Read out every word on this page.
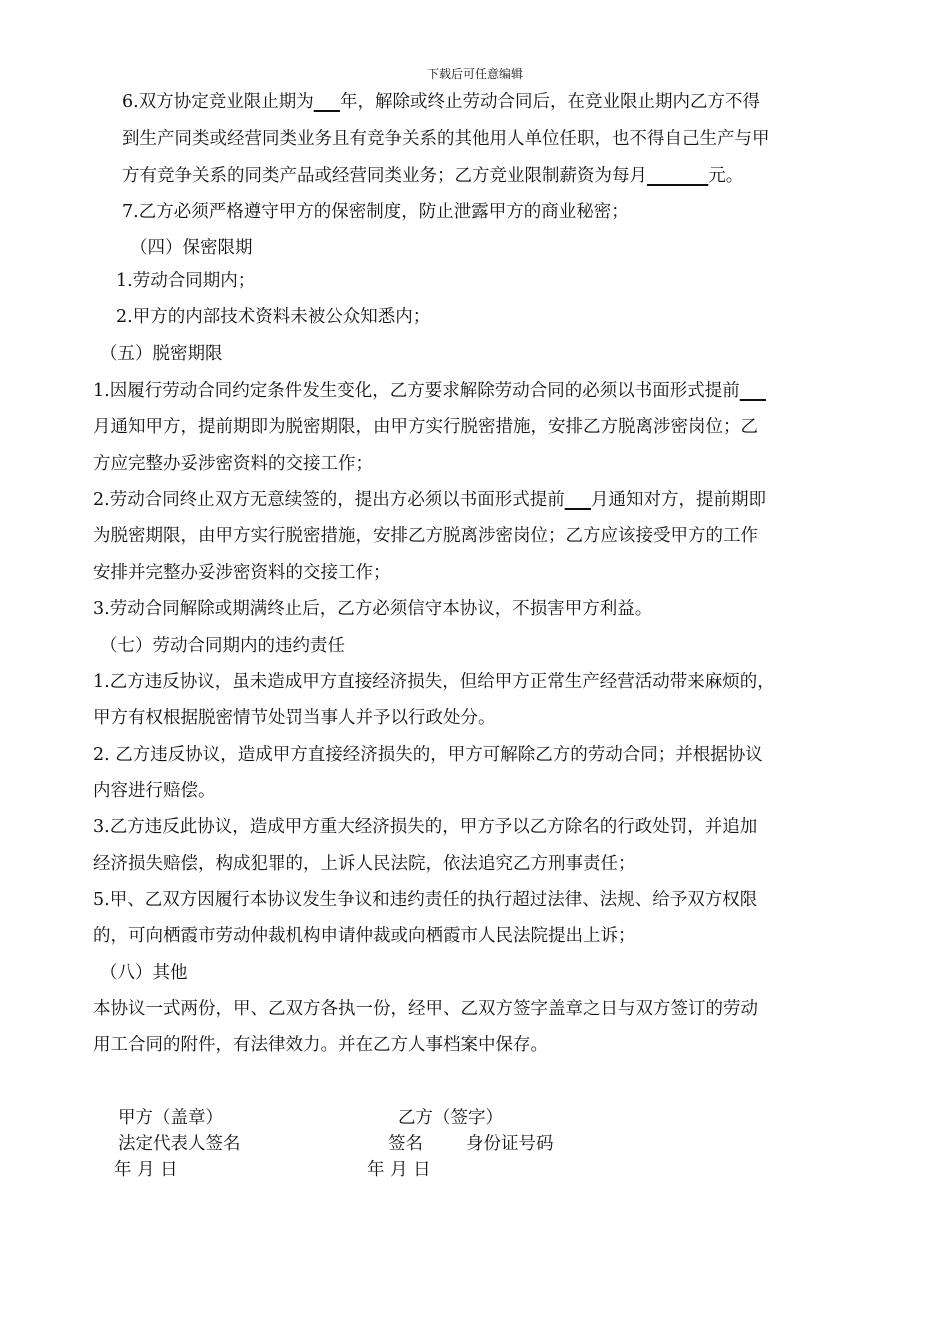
下载后可任意编辑
6.双方协定竞业限止期为___年，解除或终止劳动合同后，在竞业限止期内乙方不得
到生产同类或经营同类业务且有竞争关系的其他用人单位任职，也不得自己生产与甲
方有竞争关系的同类产品或经营同类业务；乙方竞业限制薪资为每月_______元。
7.乙方必须严格遵守甲方的保密制度，防止泄露甲方的商业秘密；
（四）保密限期
1.劳动合同期内；
2.甲方的内部技术资料未被公众知悉内；
（五）脱密期限
1.因履行劳动合同约定条件发生变化，乙方要求解除劳动合同的必须以书面形式提前___
月通知甲方，提前期即为脱密期限，由甲方实行脱密措施，安排乙方脱离涉密岗位；乙
方应完整办妥涉密资料的交接工作；
2.劳动合同终止双方无意续签的，提出方必须以书面形式提前___月通知对方，提前期即
为脱密期限，由甲方实行脱密措施，安排乙方脱离涉密岗位；乙方应该接受甲方的工作
安排并完整办妥涉密资料的交接工作；
3.劳动合同解除或期满终止后，乙方必须信守本协议，不损害甲方利益。
（七）劳动合同期内的违约责任
1.乙方违反协议，虽未造成甲方直接经济损失，但给甲方正常生产经营活动带来麻烦的，
甲方有权根据脱密情节处罚当事人并予以行政处分。
2. 乙方违反协议，造成甲方直接经济损失的，甲方可解除乙方的劳动合同；并根据协议
内容进行赔偿。
3.乙方违反此协议，造成甲方重大经济损失的，甲方予以乙方除名的行政处罚，并追加
经济损失赔偿，构成犯罪的，上诉人民法院，依法追究乙方刑事责任；
5.甲、乙双方因履行本协议发生争议和违约责任的执行超过法律、法规、给予双方权限
的，可向栖霞市劳动仲裁机构申请仲裁或向栖霞市人民法院提出上诉；
（八）其他
本协议一式两份，甲、乙双方各执一份，经甲、乙双方签字盖章之日与双方签订的劳动
用工合同的附件，有法律效力。并在乙方人事档案中保存。
甲方（盖章）	乙方（签字）
法定代表人签名	签名 身份证号码
年 月 日	年 月 日
